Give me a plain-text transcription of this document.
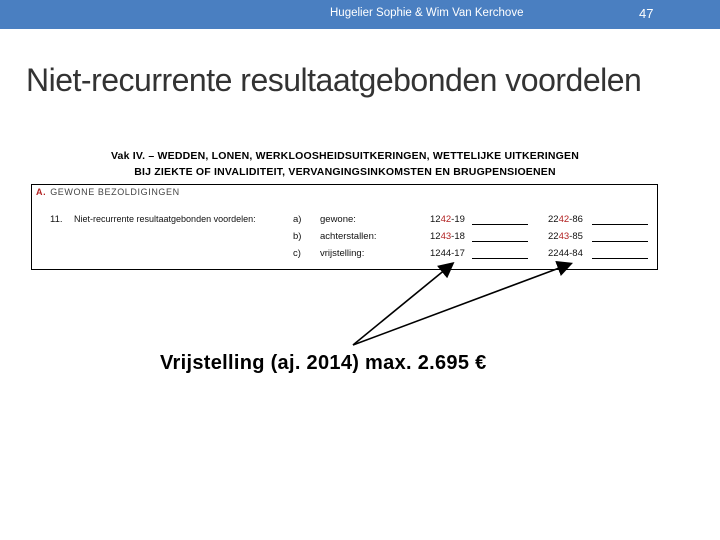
Hugelier Sophie & Wim Van Kerchove	47
Niet-recurrente resultaatgebonden voordelen
Vak IV. – WEDDEN, LONEN, WERKLOOSHEIDSUITKERINGEN, WETTELIJKE UITKERINGEN
BIJ ZIEKTE OF INVALIDITEIT, VERVANGINGSINKOMSTEN EN BRUGPENSIOENEN
A. GEWONE BEZOLDIGINGEN
11. Niet-recurrente resultaatgebonden voordelen:	a) gewone:	1242-19	2242-86
b) achterstallen:	1243-18	2243-85
c) vrijstelling:	1244-17	2244-84
Vrijstelling (aj. 2014) max. 2.695 €
